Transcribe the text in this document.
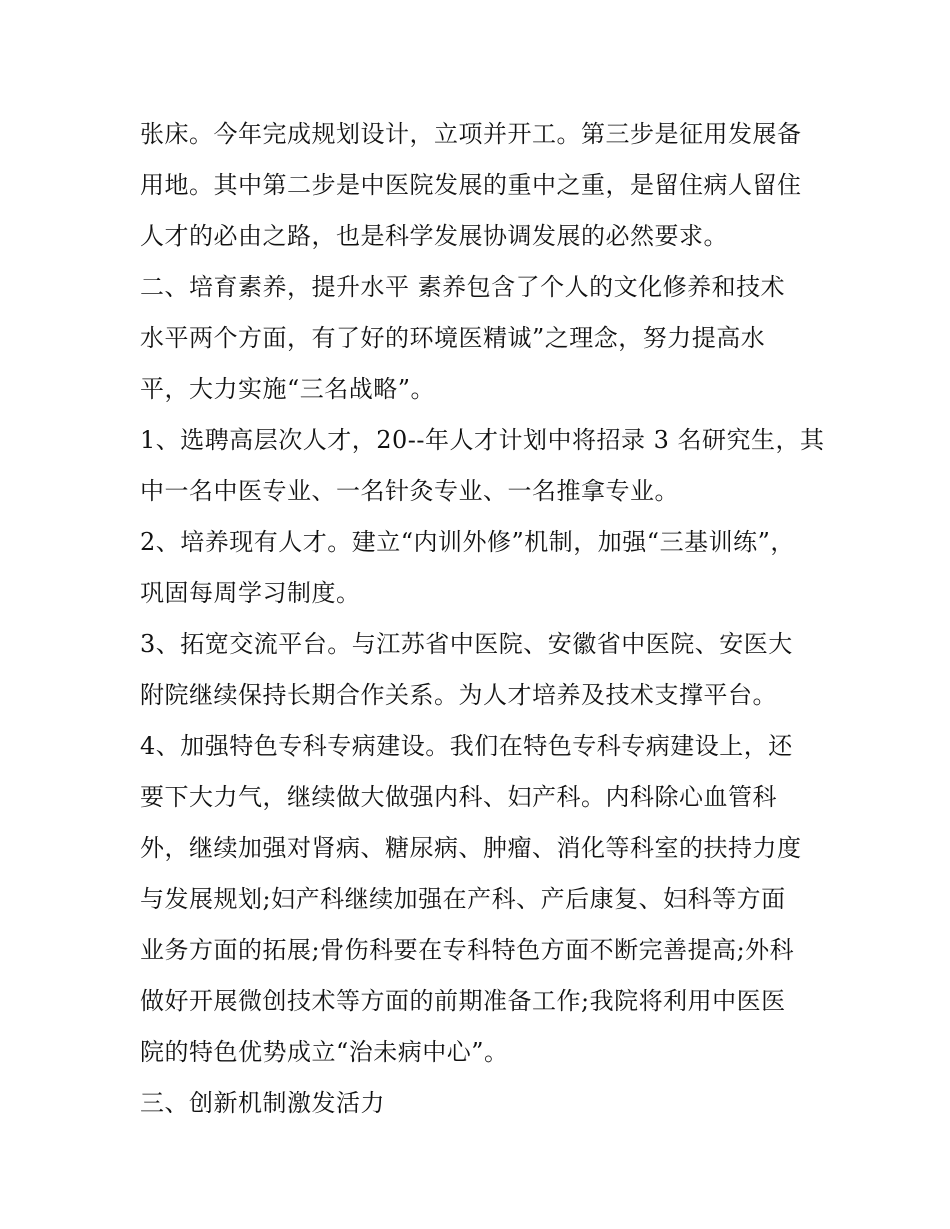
张床。今年完成规划设计，立项并开工。第三步是征用发展备
用地。其中第二步是中医院发展的重中之重，是留住病人留住
人才的必由之路，也是科学发展协调发展的必然要求。
二、培育素养，提升水平 素养包含了个人的文化修养和技术
水平两个方面，有了好的环境医精诚”之理念，努力提高水
平，大力实施“三名战略”。
1、选聘高层次人才，20--年人才计划中将招录 3 名研究生，其
中一名中医专业、一名针灸专业、一名推拿专业。
2、培养现有人才。建立“内训外修”机制，加强“三基训练”，
巩固每周学习制度。
3、拓宽交流平台。与江苏省中医院、安徽省中医院、安医大
附院继续保持长期合作关系。为人才培养及技术支撑平台。
4、加强特色专科专病建设。我们在特色专科专病建设上，还
要下大力气，继续做大做强内科、妇产科。内科除心血管科
外，继续加强对肾病、糖尿病、肿瘤、消化等科室的扶持力度
与发展规划;妇产科继续加强在产科、产后康复、妇科等方面
业务方面的拓展;骨伤科要在专科特色方面不断完善提高;外科
做好开展微创技术等方面的前期准备工作;我院将利用中医医
院的特色优势成立“治未病中心”。
三、创新机制激发活力
